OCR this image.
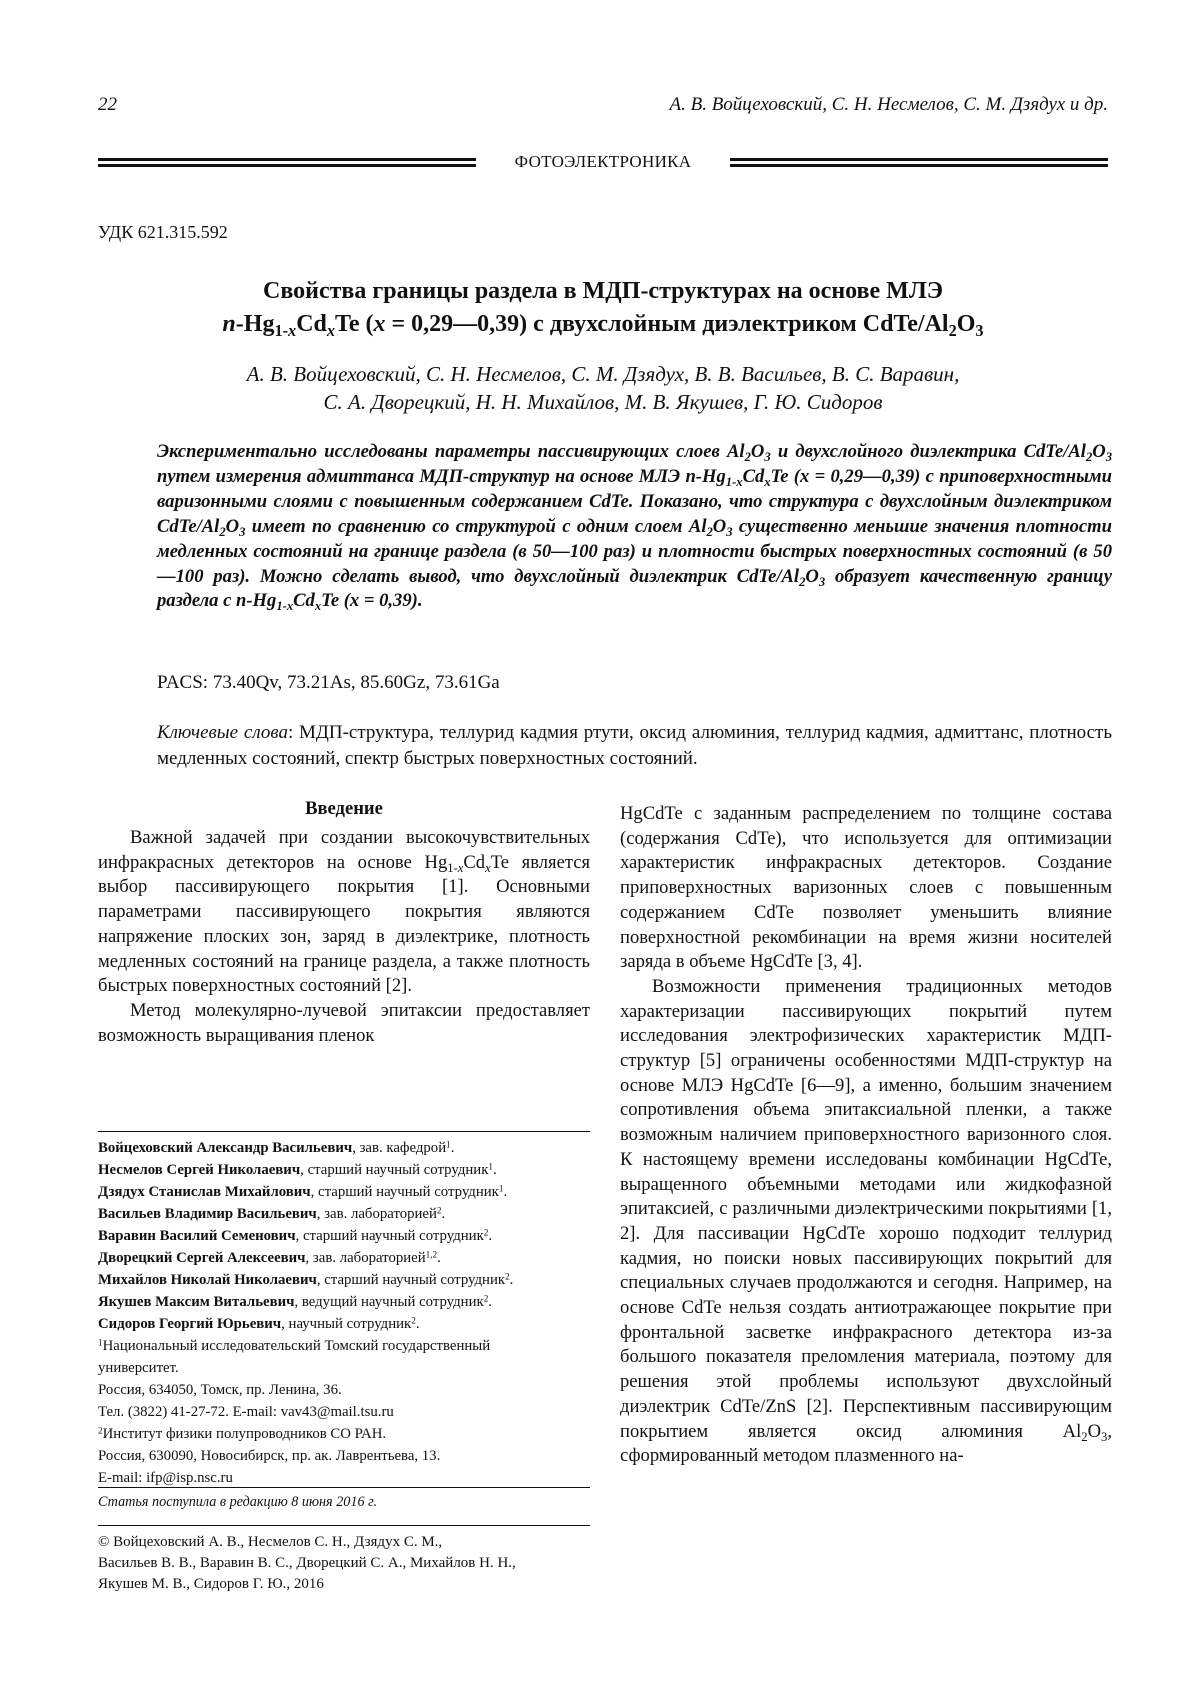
22	А. В. Войцеховский, С. Н. Несмелов, С. М. Дзядух и др.
ФОТОЭЛЕКТРОНИКА
УДК 621.315.592
Свойства границы раздела в МДП-структурах на основе МЛЭ
$n-Hg_{1-x}Cd_xTe$ (x = 0,29—0,39) с двухслойным диэлектриком CdTe/$Al_2O_3$
А. В. Войцеховский, С. Н. Несмелов, С. М. Дзядух, В. В. Васильев, В. С. Варавин,
С. А. Дворецкий, Н. Н. Михайлов, М. В. Якушев, Г. Ю. Сидоров
Экспериментально исследованы параметры пассивирующих слоев $Al_2O_3$ и двухслойного диэлектрика CdTe/$Al_2O_3$ путем измерения адмиттанса МДП-структур на основе МЛЭ $n-Hg_{1-x}Cd_xTe$ (x = 0,29—0,39) с приповерхностными варизонными слоями с повышенным содержанием CdTe. Показано, что структура с двухслойным диэлектриком CdTe/$Al_2O_3$ имеет по сравнению со структурой с одним слоем $Al_2O_3$ существенно меньшие значения плотности медленных состояний на границе раздела (в 50—100 раз) и плотности быстрых поверхностных состояний (в 50—100 раз). Можно сделать вывод, что двухслойный диэлектрик CdTe/$Al_2O_3$ образует качественную границу раздела с $n-Hg_{1-x}Cd_xTe$ (x = 0,39).
PACS: 73.40Qv, 73.21As, 85.60Gz, 73.61Ga
Ключевые слова: МДП-структура, теллурид кадмия ртути, оксид алюминия, теллурид кадмия, адмиттанс, плотность медленных состояний, спектр быстрых поверхностных состояний.
Введение

Важной задачей при создании высокочувствительных инфракрасных детекторов на основе $Hg_{1-x}Cd_xTe$ является выбор пассивирующего покрытия [1]. Основными параметрами пассивирующего покрытия являются напряжение плоских зон, заряд в диэлектрике, плотность медленных состояний на границе раздела, а также плотность быстрых поверхностных состояний [2].

Метод молекулярно-лучевой эпитаксии предоставляет возможность выращивания пленок

HgCdTe с заданным распределением по толщине состава (содержания CdTe), что используется для оптимизации характеристик инфракрасных детекторов. Создание приповерхностных варизонных слоев с повышенным содержанием CdTe позволяет уменьшить влияние поверхностной рекомбинации на время жизни носителей заряда в объеме HgCdTe [3, 4].

Возможности применения традиционных методов характеризации пассивирующих покрытий путем исследования электрофизических характеристик МДП-структур [5] ограничены особенностями МДП-структур на основе МЛЭ HgCdTe [6—9], а именно, большим значением сопротивления объема эпитаксиальной пленки, а также возможным наличием приповерхностного варизонного слоя. К настоящему времени исследованы комбинации HgCdTe, выращенного объемными методами или жидкофазной эпитаксией, с различными диэлектрическими покрытиями [1, 2]. Для пассивации HgCdTe хорошо подходит теллурид кадмия, но поиски новых пассивирующих покрытий для специальных случаев продолжаются и сегодня. Например, на основе CdTe нельзя создать антиотражающее покрытие при фронтальной засветке инфракрасного детектора из-за большого показателя преломления материала, поэтому для решения этой проблемы используют двухслойный диэлектрик CdTe/ZnS [2]. Перспективным пассивирующим покрытием является оксид алюминия $Al_2O_3$, сформированный методом плазменного на-

Войцеховский Александр Васильевич, зав. кафедрой$^1$.
Несмелов Сергей Николаевич, старший научный сотрудник$^1$.
Дзядух Станислав Михайлович, старший научный сотрудник$^1$.
Васильев Владимир Васильевич, зав. лабораторией$^2$.
Варавин Василий Семенович, старший научный сотрудник$^2$.
Дворецкий Сергей Алексеевич, зав. лабораторией$^{1,2}$.
Михайлов Николай Николаевич, старший научный сотрудник$^2$.
Якушев Максим Витальевич, ведущий научный сотрудник$^2$.
Сидоров Георгий Юрьевич, научный сотрудник$^2$.
$^1$Национальный исследовательский Томский государственный
университет.
Россия, 634050, Томск, пр. Ленина, 36.
Тел. (3822) 41-27-72. E-mail: vav43@mail.tsu.ru
$^2$Институт физики полупроводников СО РАН.
Россия, 630090, Новосибирск, пр. ак. Лаврентьева, 13.
E-mail: ifp@isp.nsc.ru
Статья поступила в редакцию 8 июня 2016 г.
© Войцеховский А. В., Несмелов С. Н., Дзядух С. М.,
Васильев В. В., Варавин В. С., Дворецкий С. А., Михайлов Н. Н.,
Якушев М. В., Сидоров Г. Ю., 2016
